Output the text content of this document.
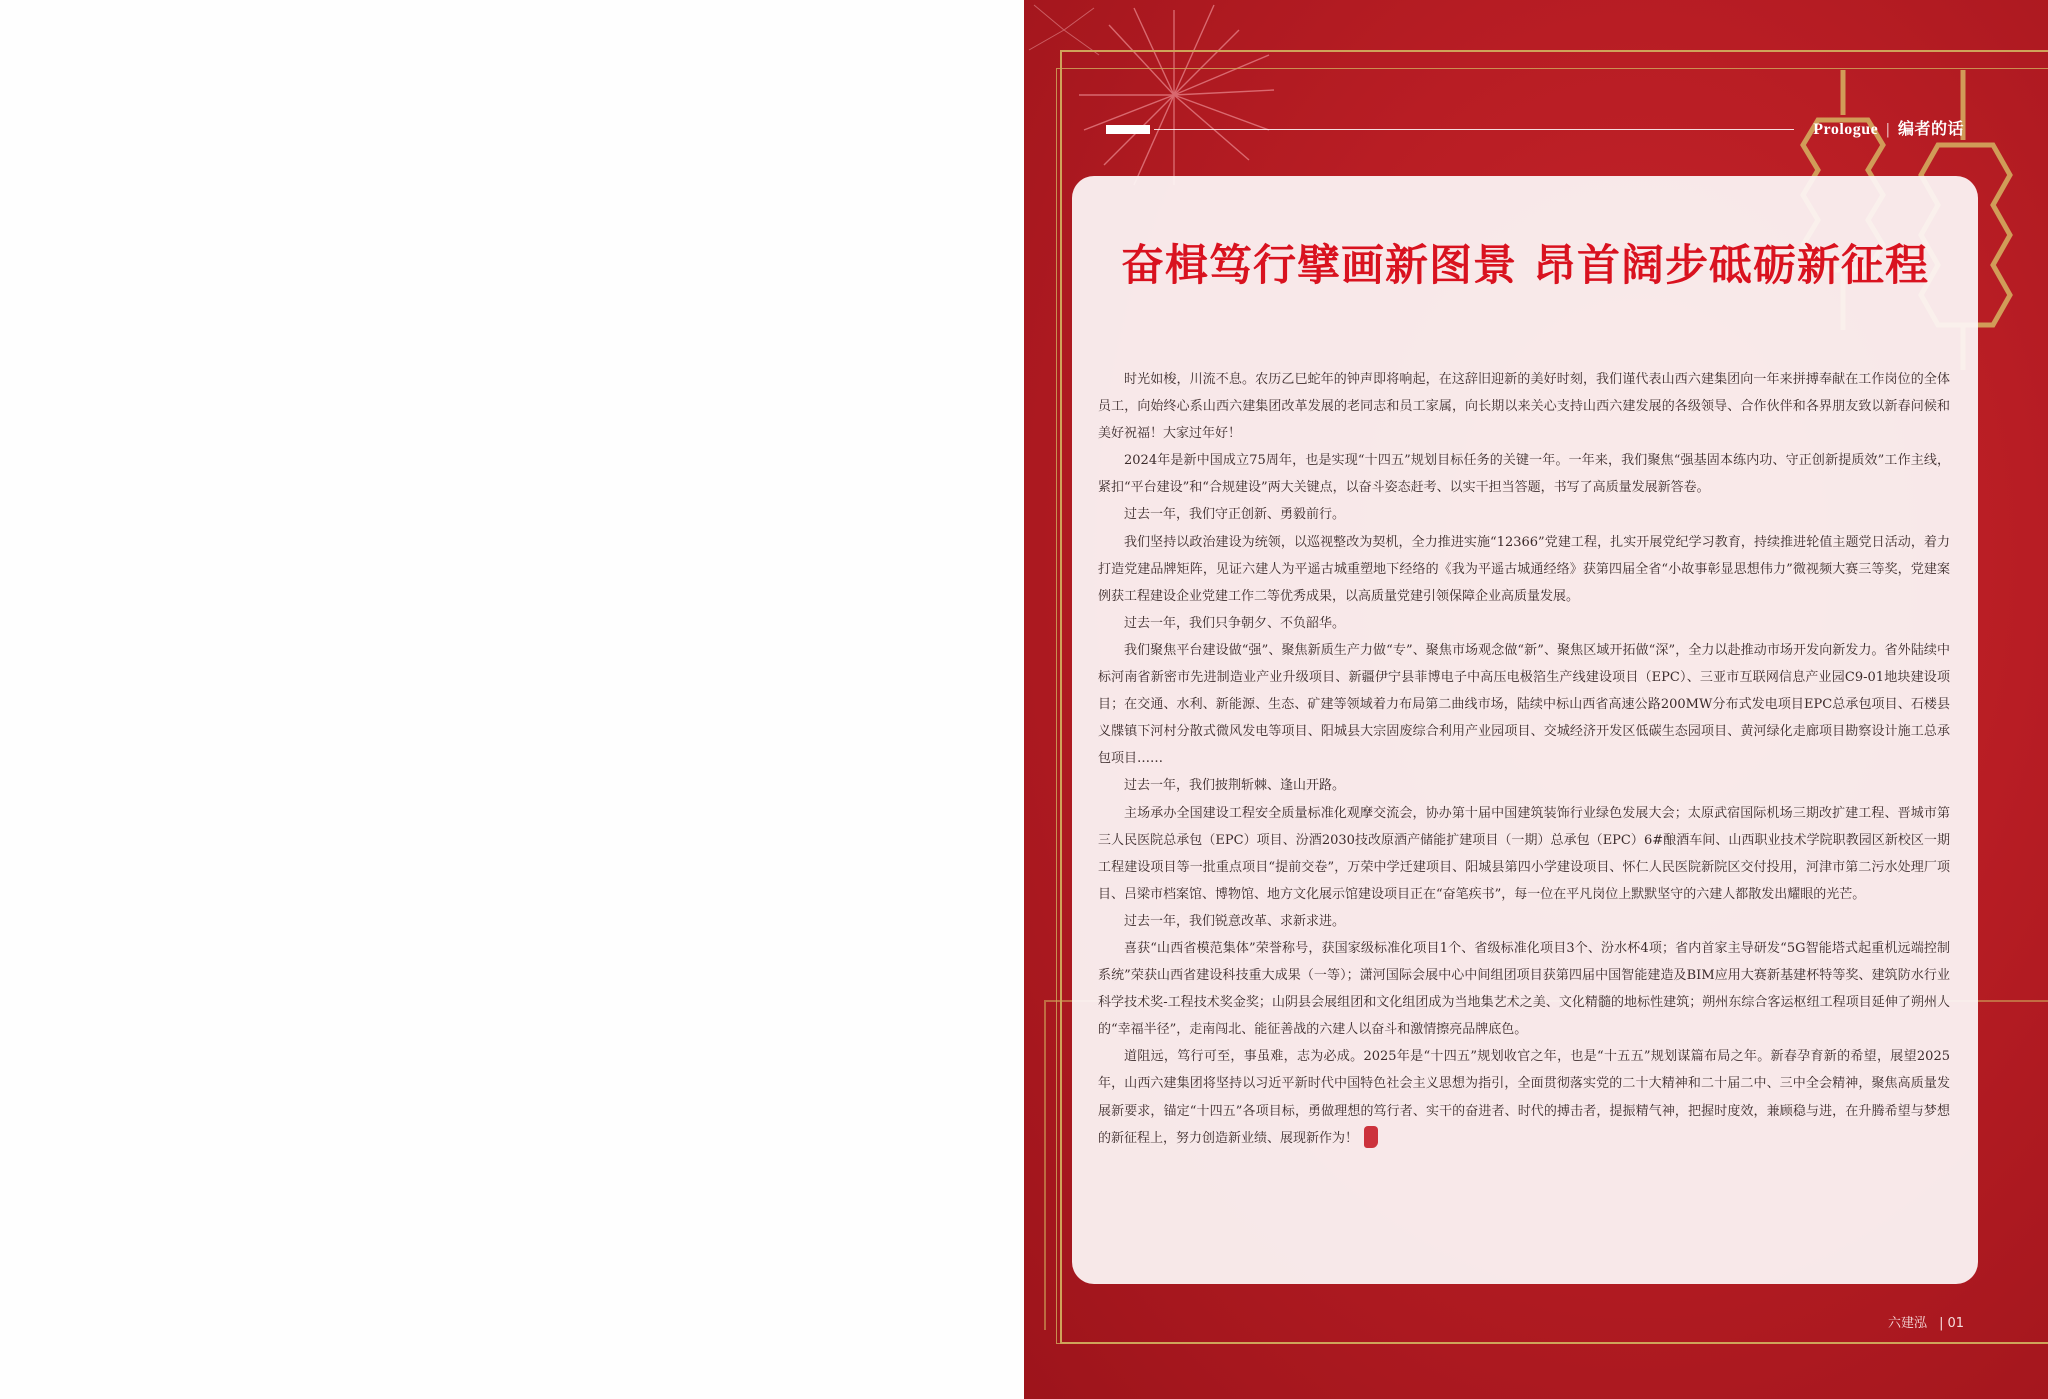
Prologue | 编者的话
奋楫笃行擘画新图景 昂首阔步砥砺新征程

时光如梭，川流不息。农历乙巳蛇年的钟声即将响起，在这辞旧迎新的美好时刻，我们谨代表山西六建集团向一年来拼搏奉献在工作岗位的全体员工，向始终心系山西六建集团改革发展的老同志和员工家属，向长期以来关心支持山西六建发展的各级领导、合作伙伴和各界朋友致以新春问候和美好祝福！大家过年好！

2024年是新中国成立75周年，也是实现“十四五”规划目标任务的关键一年。一年来，我们聚焦“强基固本练内功、守正创新提质效”工作主线，紧扣“平台建设”和“合规建设”两大关键点，以奋斗姿态赶考、以实干担当答题，书写了高质量发展新答卷。

过去一年，我们守正创新、勇毅前行。

我们坚持以政治建设为统领，以巡视整改为契机，全力推进实施“12366”党建工程，扎实开展党纪学习教育，持续推进轮值主题党日活动，着力打造党建品牌矩阵，见证六建人为平遥古城重塑地下经络的《我为平遥古城通经络》获第四届全省“小故事彰显思想伟力”微视频大赛三等奖，党建案例获工程建设企业党建工作二等优秀成果，以高质量党建引领保障企业高质量发展。

过去一年，我们只争朝夕、不负韶华。

我们聚焦平台建设做“强”、聚焦新质生产力做“专”、聚焦市场观念做“新”、聚焦区域开拓做“深”，全力以赴推动市场开发向新发力。省外陆续中标河南省新密市先进制造业产业升级项目、新疆伊宁县菲博电子中高压电极箔生产线建设项目（EPC）、三亚市互联网信息产业园C9-01地块建设项目；在交通、水利、新能源、生态、矿建等领域着力布局第二曲线市场，陆续中标山西省高速公路200MW分布式发电项目EPC总承包项目、石楼县义牒镇下河村分散式微风发电等项目、阳城县大宗固废综合利用产业园项目、交城经济开发区低碳生态园项目、黄河绿化走廊项目勘察设计施工总承包项目……

过去一年，我们披荆斩棘、逢山开路。

主场承办全国建设工程安全质量标准化观摩交流会，协办第十届中国建筑装饰行业绿色发展大会；太原武宿国际机场三期改扩建工程、晋城市第三人民医院总承包（EPC）项目、汾酒2030技改原酒产储能扩建项目（一期）总承包（EPC）6#酿酒车间、山西职业技术学院职教园区新校区一期工程建设项目等一批重点项目“提前交卷”，万荣中学迁建项目、阳城县第四小学建设项目、怀仁人民医院新院区交付投用，河津市第二污水处理厂项目、吕梁市档案馆、博物馆、地方文化展示馆建设项目正在“奋笔疾书”，每一位在平凡岗位上默默坚守的六建人都散发出耀眼的光芒。

过去一年，我们锐意改革、求新求进。

喜获“山西省模范集体”荣誉称号，获国家级标准化项目1个、省级标准化项目3个、汾水杯4项；省内首家主导研发“5G智能塔式起重机远端控制系统”荣获山西省建设科技重大成果（一等）；潇河国际会展中心中间组团项目获第四届中国智能建造及BIM应用大赛新基建杯特等奖、建筑防水行业科学技术奖-工程技术奖金奖；山阴县会展组团和文化组团成为当地集艺术之美、文化精髓的地标性建筑；朔州东综合客运枢纽工程项目延伸了朔州人的“幸福半径”，走南闯北、能征善战的六建人以奋斗和激情擦亮品牌底色。

道阻远，笃行可至，事虽难，志为必成。2025年是“十四五”规划收官之年，也是“十五五”规划谋篇布局之年。新春孕育新的希望，展望2025年，山西六建集团将坚持以习近平新时代中国特色社会主义思想为指引，全面贯彻落实党的二十大精神和二十届二中、三中全会精神，聚焦高质量发展新要求，锚定“十四五”各项目标，勇做理想的笃行者、实干的奋进者、时代的搏击者，提振精气神，把握时度效，兼顾稳与进，在升腾希望与梦想的新征程上，努力创造新业绩、展现新作为！

六建泓 | 01
